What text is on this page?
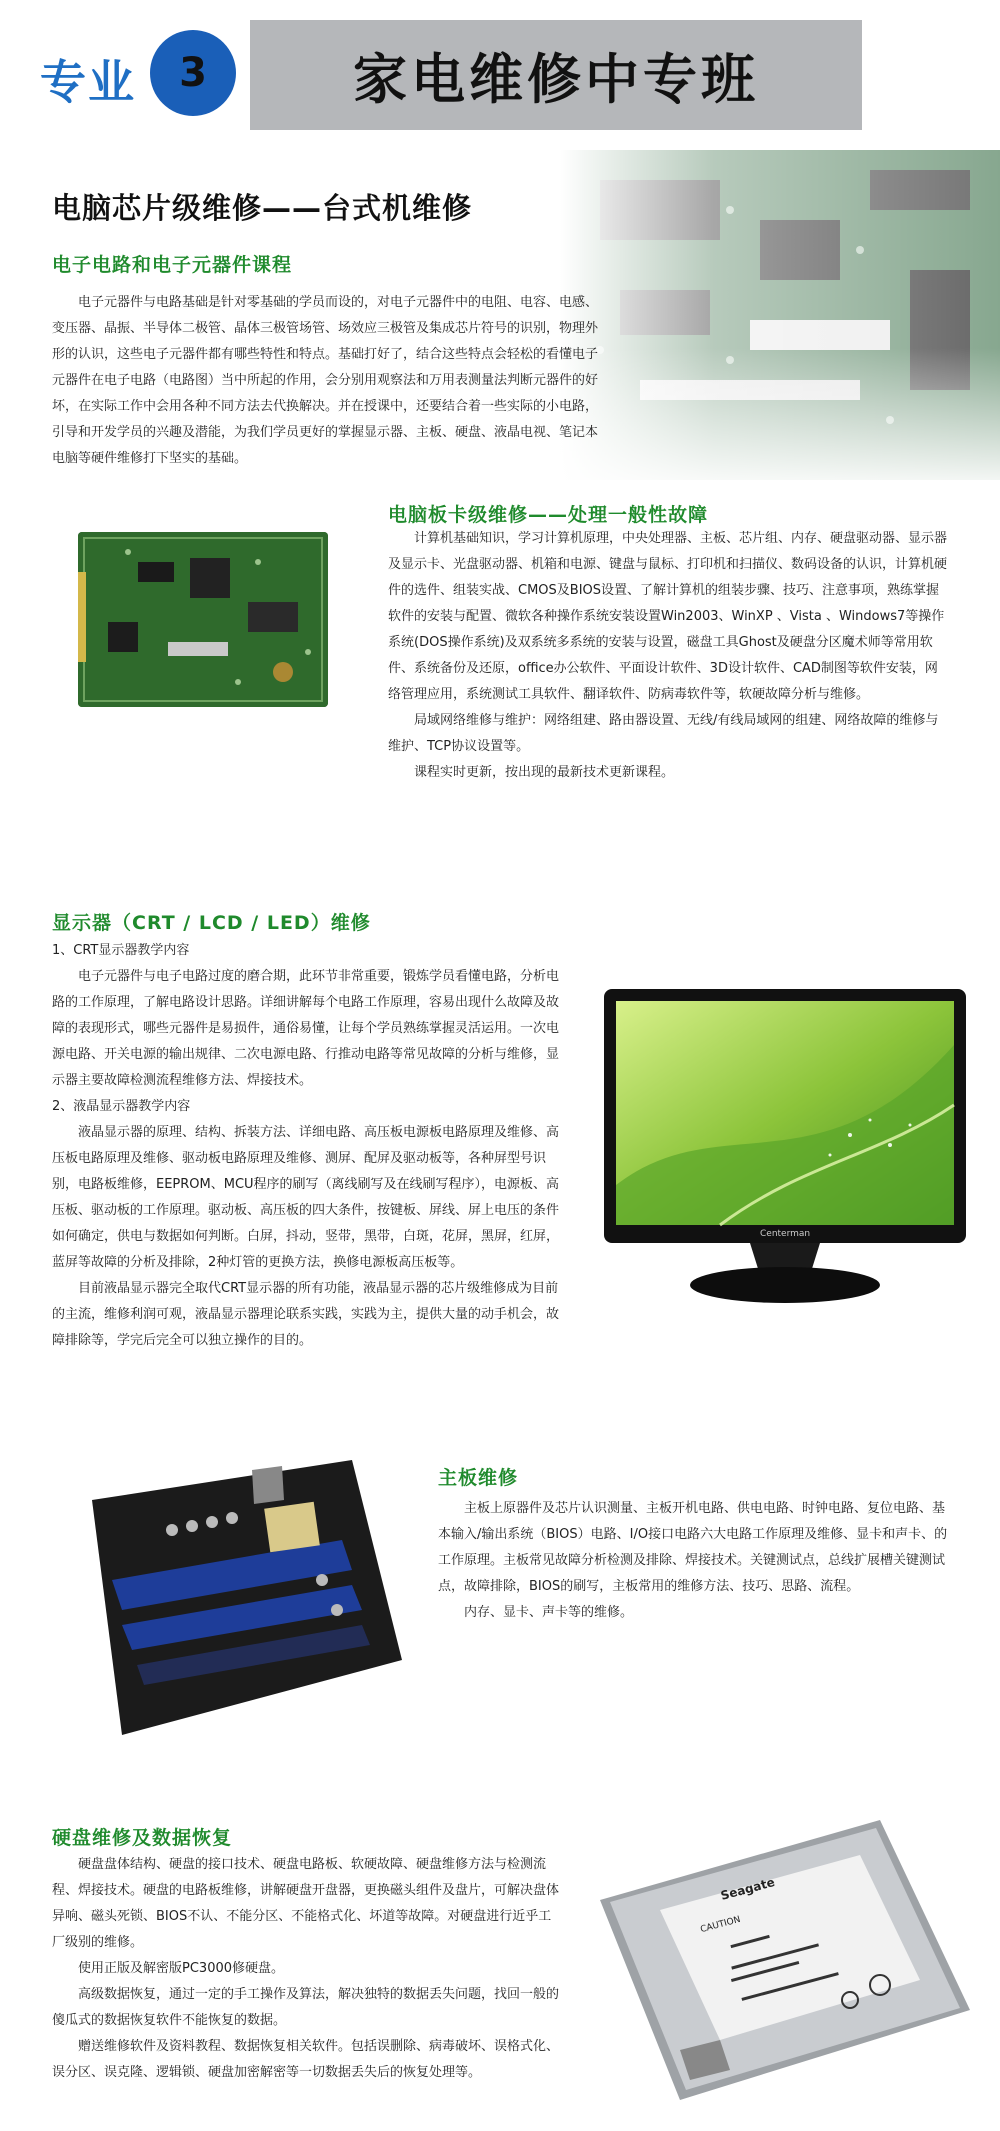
专业	3	家电维修中专班
电脑芯片级维修——台式机维修
电子电路和电子元器件课程

电子元器件与电路基础是针对零基础的学员而设的，对电子元器件中的电阻、电容、电感、变压器、晶振、半导体二极管、晶体三极管场管、场效应三极管及集成芯片符号的识别，物理外形的认识，这些电子元器件都有哪些特性和特点。基础打好了，结合这些特点会轻松的看懂电子元器件在电子电路（电路图）当中所起的作用，会分别用观察法和万用表测量法判断元器件的好坏，在实际工作中会用各种不同方法去代换解决。并在授课中，还要结合着一些实际的小电路，引导和开发学员的兴趣及潜能，为我们学员更好的掌握显示器、主板、硬盘、液晶电视、笔记本电脑等硬件维修打下坚实的基础。

电脑板卡级维修——处理一般性故障

计算机基础知识，学习计算机原理，中央处理器、主板、芯片组、内存、硬盘驱动器、显示器及显示卡、光盘驱动器、机箱和电源、键盘与鼠标、打印机和扫描仪、数码设备的认识，计算机硬件的选件、组装实战、CMOS及BIOS设置、了解计算机的组装步骤、技巧、注意事项，熟练掌握软件的安装与配置、微软各种操作系统安装设置Win2003、WinXP 、Vista 、Windows7等操作系统(DOS操作系统)及双系统多系统的安装与设置，磁盘工具Ghost及硬盘分区魔术师等常用软件、系统备份及还原，office办公软件、平面设计软件、3D设计软件、CAD制图等软件安装，网络管理应用，系统测试工具软件、翻译软件、防病毒软件等，软硬故障分析与维修。

局域网络维修与维护：网络组建、路由器设置、无线/有线局域网的组建、网络故障的维修与维护、TCP协议设置等。

课程实时更新，按出现的最新技术更新课程。

显示器（CRT / LCD / LED）维修

1、CRT显示器教学内容

电子元器件与电子电路过度的磨合期，此环节非常重要，锻炼学员看懂电路，分析电路的工作原理，了解电路设计思路。详细讲解每个电路工作原理，容易出现什么故障及故障的表现形式，哪些元器件是易损件，通俗易懂，让每个学员熟练掌握灵活运用。一次电源电路、开关电源的输出规律、二次电源电路、行推动电路等常见故障的分析与维修，显示器主要故障检测流程维修方法、焊接技术。

2、液晶显示器教学内容

液晶显示器的原理、结构、拆装方法、详细电路、高压板电源板电路原理及维修、高压板电路原理及维修、驱动板电路原理及维修、测屏、配屏及驱动板等，各种屏型号识别，电路板维修，EEPROM、MCU程序的刷写（离线刷写及在线刷写程序），电源板、高压板、驱动板的工作原理。驱动板、高压板的四大条件，按键板、屏线、屏上电压的条件如何确定，供电与数据如何判断。白屏，抖动，竖带，黑带，白斑，花屏，黑屏，红屏，蓝屏等故障的分析及排除，2种灯管的更换方法，换修电源板高压板等。

目前液晶显示器完全取代CRT显示器的所有功能，液晶显示器的芯片级维修成为目前的主流，维修利润可观，液晶显示器理论联系实践，实践为主，提供大量的动手机会，故障排除等，学完后完全可以独立操作的目的。

Centerman
主板维修

主板上原器件及芯片认识测量、主板开机电路、供电电路、时钟电路、复位电路、基本输入/输出系统（BIOS）电路、I/O接口电路六大电路工作原理及维修、显卡和声卡、的工作原理。主板常见故障分析检测及排除、焊接技术。关键测试点，总线扩展槽关键测试点，故障排除，BIOS的刷写，主板常用的维修方法、技巧、思路、流程。

内存、显卡、声卡等的维修。

硬盘维修及数据恢复

硬盘盘体结构、硬盘的接口技术、硬盘电路板、软硬故障、硬盘维修方法与检测流程、焊接技术。硬盘的电路板维修，讲解硬盘开盘器，更换磁头组件及盘片，可解决盘体异响、磁头死锁、BIOS不认、不能分区、不能格式化、坏道等故障。对硬盘进行近乎工厂级别的维修。

使用正版及解密版PC3000修硬盘。

高级数据恢复，通过一定的手工操作及算法，解决独特的数据丢失问题，找回一般的傻瓜式的数据恢复软件不能恢复的数据。

赠送维修软件及资料教程、数据恢复相关软件。包括误删除、病毒破坏、误格式化、误分区、误克隆、逻辑锁、硬盘加密解密等一切数据丢失后的恢复处理等。

Seagate
CAUTION
